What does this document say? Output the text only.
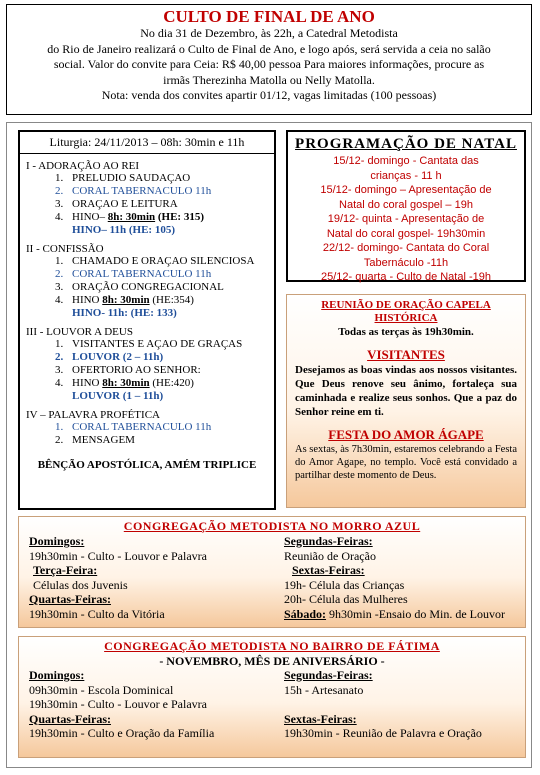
CULTO DE FINAL DE ANO
No dia 31 de Dezembro, às 22h, a Catedral Metodista
do Rio de Janeiro realizará o Culto de Final de Ano, e logo após, será servida a ceia no salão
social. Valor do convite para Ceia: R$ 40,00 pessoa Para maiores informações, procure as
irmãs Therezinha Matolla ou Nelly Matolla.
Nota: venda dos convites apartir 01/12, vagas limitadas (100 pessoas)
Liturgia: 24/11/2013 – 08h: 30min e 11h
I - ADORAÇÃO AO REI
1. PRELUDIO SAUDAÇAO
2. CORAL TABERNACULO 11h
3. ORAÇAO E LEITURA
4. HINO– 8h: 30min (HE: 315)
HINO– 11h (HE: 105)
II - CONFISSÃO
1. CHAMADO E ORAÇAO SILENCIOSA
2. CORAL TABERNACULO 11h
3. ORAÇÃO CONGREGACIONAL
4. HINO 8h: 30min (HE:354)
HINO- 11h: (HE: 133)
III - LOUVOR A DEUS
1. VISITANTES E AÇAO DE GRAÇAS
2. LOUVOR (2 – 11h)
3. OFERTORIO AO SENHOR:
4. HINO 8h: 30min (HE:420)
LOUVOR (1 – 11h)
IV – PALAVRA PROFÉTICA
1. CORAL TABERNACULO 11h
2. MENSAGEM
BÊNÇÃO APOSTÓLICA, AMÉM TRIPLICE
PROGRAMAÇÃO DE NATAL
15/12- domingo - Cantata das
crianças - 11 h
15/12- domingo – Apresentação de
Natal do coral gospel – 19h
19/12- quinta - Apresentação de
Natal do coral gospel- 19h30min
22/12- domingo- Cantata do Coral
Tabernáculo -11h
25/12- quarta - Culto de Natal -19h
REUNIÃO DE ORAÇÃO CAPELA
HISTÓRICA
Todas as terças às 19h30min.
VISITANTES
Desejamos as boas vindas aos nossos visitantes. Que Deus renove seu ânimo, fortaleça sua caminhada e realize seus sonhos. Que a paz do Senhor reine em ti.
FESTA DO AMOR ÁGAPE
As sextas, às 7h30min, estaremos celebrando a Festa do Amor Agape, no templo. Você está convidado a partilhar deste momento de Deus.
CONGREGAÇÃO METODISTA NO MORRO AZUL
Domingos:
19h30min - Culto - Louvor e Palavra
Terça-Feira:
Células dos Juvenis
Quartas-Feiras:
19h30min - Culto da Vitória
Segundas-Feiras:
Reunião de Oração
Sextas-Feiras:
19h- Célula das Crianças
20h- Célula das Mulheres
Sábado: 9h30min -Ensaio do Min. de Louvor
CONGREGAÇÃO METODISTA NO BAIRRO DE FÁTIMA
- NOVEMBRO, MÊS DE ANIVERSÁRIO -
Domingos:
09h30min - Escola Dominical
19h30min - Culto - Louvor e Palavra
Quartas-Feiras:
19h30min - Culto e Oração da Família
Segundas-Feiras:
15h - Artesanato
Sextas-Feiras:
19h30min - Reunião de Palavra e Oração
